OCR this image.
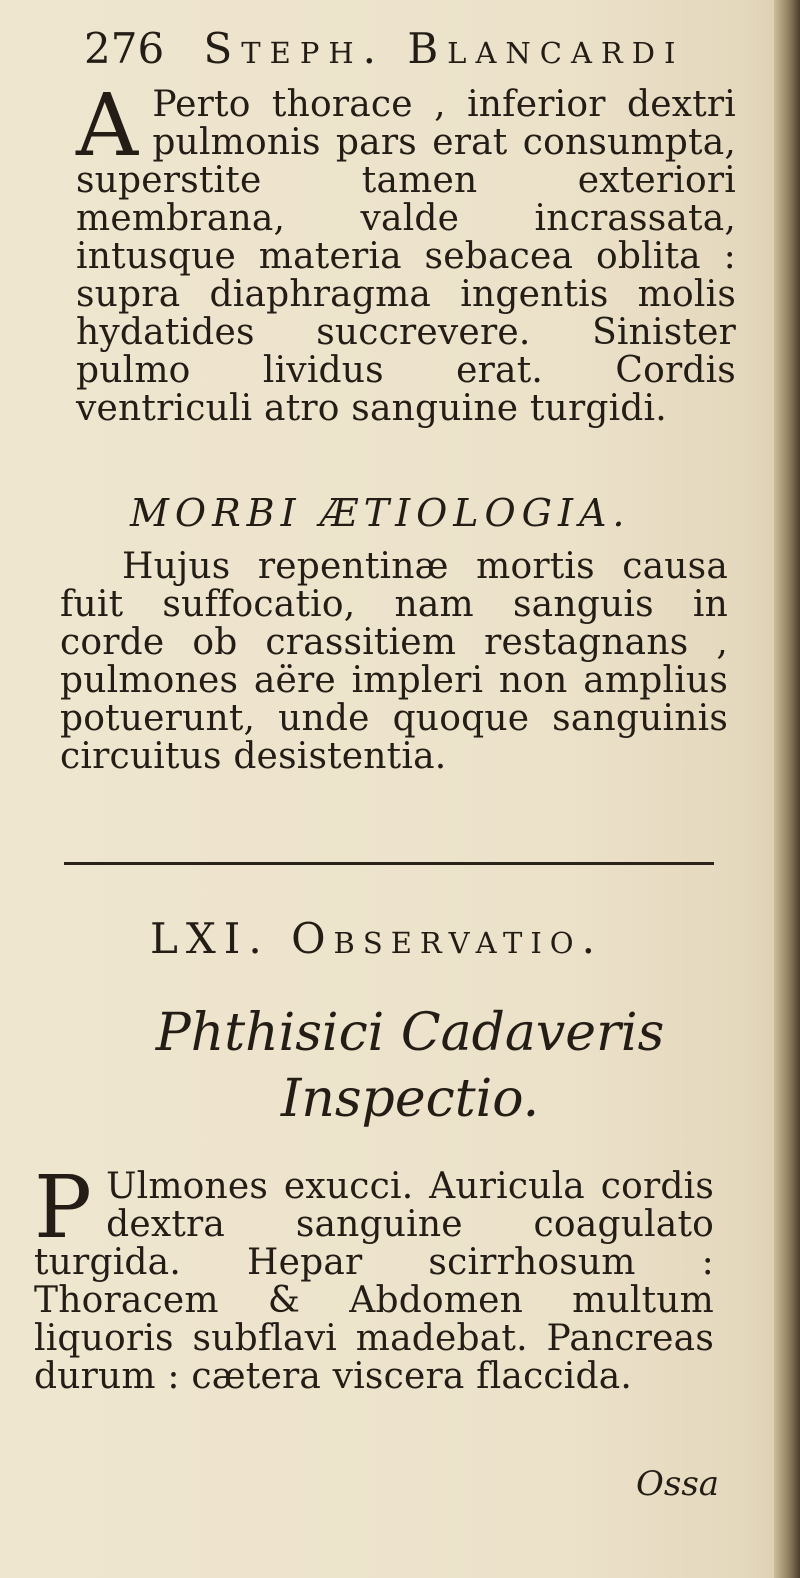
276 Steph. Blancardi

A Perto thorace , inferior dextri pulmonis pars erat consumpta, superstite tamen exteriori membrana, valde incrassata, intusque materia sebacea oblita : supra diaphragma ingentis molis hydatides succrevere. Sinister pulmo lividus erat. Cordis ventriculi atro sanguine turgidi.

MORBI ÆTIOLOGIA.

Hujus repentinæ mortis causa fuit suffocatio, nam sanguis in corde ob crassitiem restagnans , pulmones aëre impleri non amplius potuerunt, unde quoque sanguinis circuitus desistentia.

LXI. Observatio.

Phthisici Cadaveris Inspectio.

P Ulmones exucci. Auricula cordis dextra sanguine coagulato turgida. Hepar scirrhosum : Thoracem & Abdomen multum liquoris subflavi madebat. Pancreas durum : cætera viscera flaccida.

Ossa
